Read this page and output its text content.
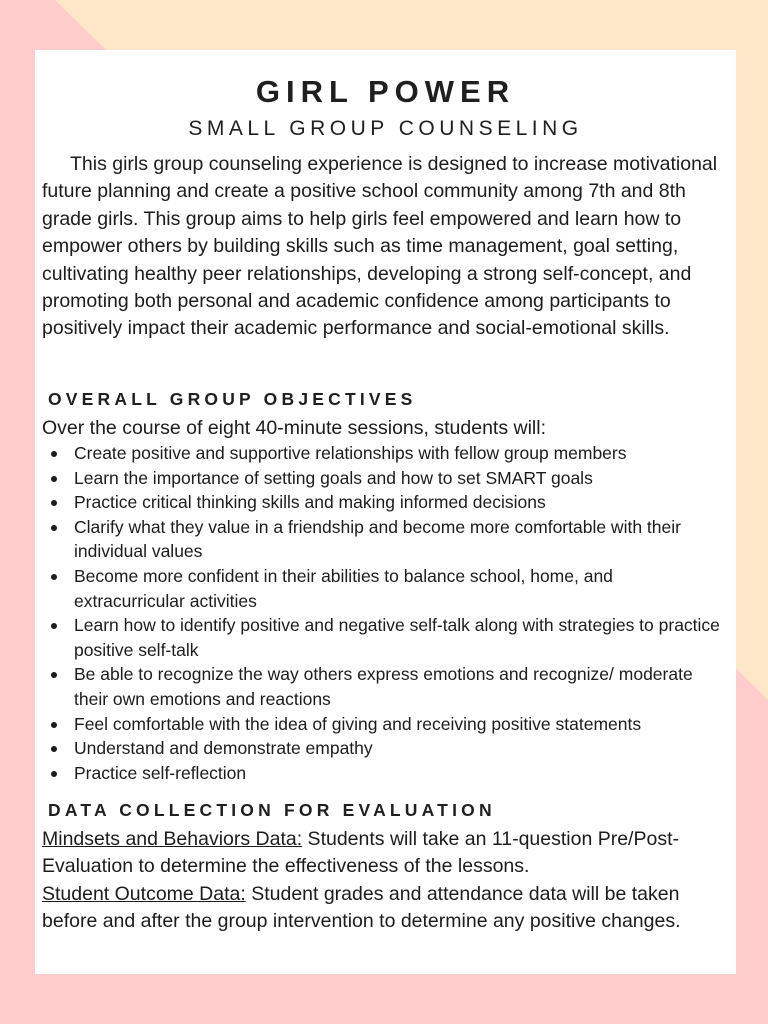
GIRL POWER
SMALL GROUP COUNSELING

This girls group counseling experience is designed to increase motivational future planning and create a positive school community among 7th and 8th grade girls. This group aims to help girls feel empowered and learn how to empower others by building skills such as time management, goal setting, cultivating healthy peer relationships, developing a strong self-concept, and promoting both personal and academic confidence among participants to positively impact their academic performance and social-emotional skills.

OVERALL GROUP OBJECTIVES
Over the course of eight 40-minute sessions, students will:
Create positive and supportive relationships with fellow group members
Learn the importance of setting goals and how to set SMART goals
Practice critical thinking skills and making informed decisions
Clarify what they value in a friendship and become more comfortable with their individual values
Become more confident in their abilities to balance school, home, and extracurricular activities
Learn how to identify positive and negative self-talk along with strategies to practice positive self-talk
Be able to recognize the way others express emotions and recognize/ moderate their own emotions and reactions
Feel comfortable with the idea of giving and receiving positive statements
Understand and demonstrate empathy
Practice self-reflection
DATA COLLECTION FOR EVALUATION

Mindsets and Behaviors Data: Students will take an 11-question Pre/Post-Evaluation to determine the effectiveness of the lessons.
Student Outcome Data: Student grades and attendance data will be taken before and after the group intervention to determine any positive changes.
